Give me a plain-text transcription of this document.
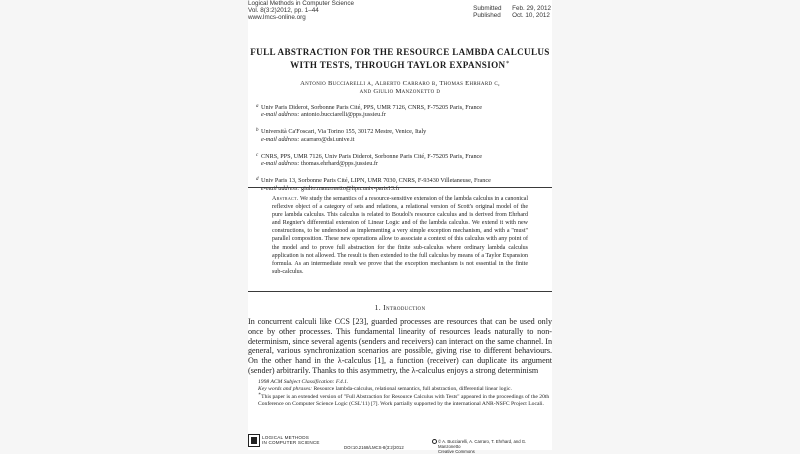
Logical Methods in Computer Science
Vol. 8(3:2)2012, pp. 1–44
www.lmcs-online.org
Submitted	Feb. 29, 2012
Published	Oct. 10, 2012
FULL ABSTRACTION FOR THE RESOURCE LAMBDA CALCULUS
WITH TESTS, THROUGH TAYLOR EXPANSION∗
Antonio Bucciarelli a, Alberto Carraro b, Thomas Ehrhard c,
and Giulio Manzonetto d
a Univ Paris Diderot, Sorbonne Paris Cité, PPS, UMR 7126, CNRS, F-75205 Paris, France
e-mail address: antonio.bucciarelli@pps.jussieu.fr
b Università Ca'Foscari, Via Torino 155, 30172 Mestre, Venice, Italy
e-mail address: acarraro@dsi.unive.it
c CNRS, PPS, UMR 7126, Univ Paris Diderot, Sorbonne Paris Cité, F-75205 Paris, France
e-mail address: thomas.ehrhard@pps.jussieu.fr
d Univ Paris 13, Sorbonne Paris Cité, LIPN, UMR 7030, CNRS, F-93430 Villetaneuse, France
e-mail address: giulio.manzonetto@lipn.univ-paris13.fr
Abstract. We study the semantics of a resource-sensitive extension of the lambda calculus in a canonical reflexive object of a category of sets and relations, a relational version of Scott's original model of the pure lambda calculus. This calculus is related to Boudol's resource calculus and is derived from Ehrhard and Regnier's differential extension of Linear Logic and of the lambda calculus. We extend it with new constructions, to be understood as implementing a very simple exception mechanism, and with a "must" parallel composition. These new operations allow to associate a context of this calculus with any point of the model and to prove full abstraction for the finite sub-calculus where ordinary lambda calculus application is not allowed. The result is then extended to the full calculus by means of a Taylor Expansion formula. As an intermediate result we prove that the exception mechanism is not essential in the finite sub-calculus.
1. Introduction
In concurrent calculi like CCS [23], guarded processes are resources that can be used only once by other processes. This fundamental linearity of resources leads naturally to non-determinism, since several agents (senders and receivers) can interact on the same channel. In general, various synchronization scenarios are possible, giving rise to different behaviours. On the other hand in the λ-calculus [1], a function (receiver) can duplicate its argument (sender) arbitrarily. Thanks to this asymmetry, the λ-calculus enjoys a strong determinism
1998 ACM Subject Classification: F.4.1.
Key words and phrases: Resource lambda-calculus, relational semantics, full abstraction, differential linear logic.
∗This paper is an extended version of "Full Abstraction for Resource Calculus with Tests" appeared in the proceedings of the 20th Conference on Computer Science Logic (CSL'11) [7]. Work partially supported by the international ANR-NSFC Project Locali.
LOGICAL METHODS
IN COMPUTER SCIENCE
DOI:10.2168/LMCS-8(3:2)2012
© A. Bucciarelli, A. Carraro, T. Ehrhard, and G. Manzonetto
Creative Commons
